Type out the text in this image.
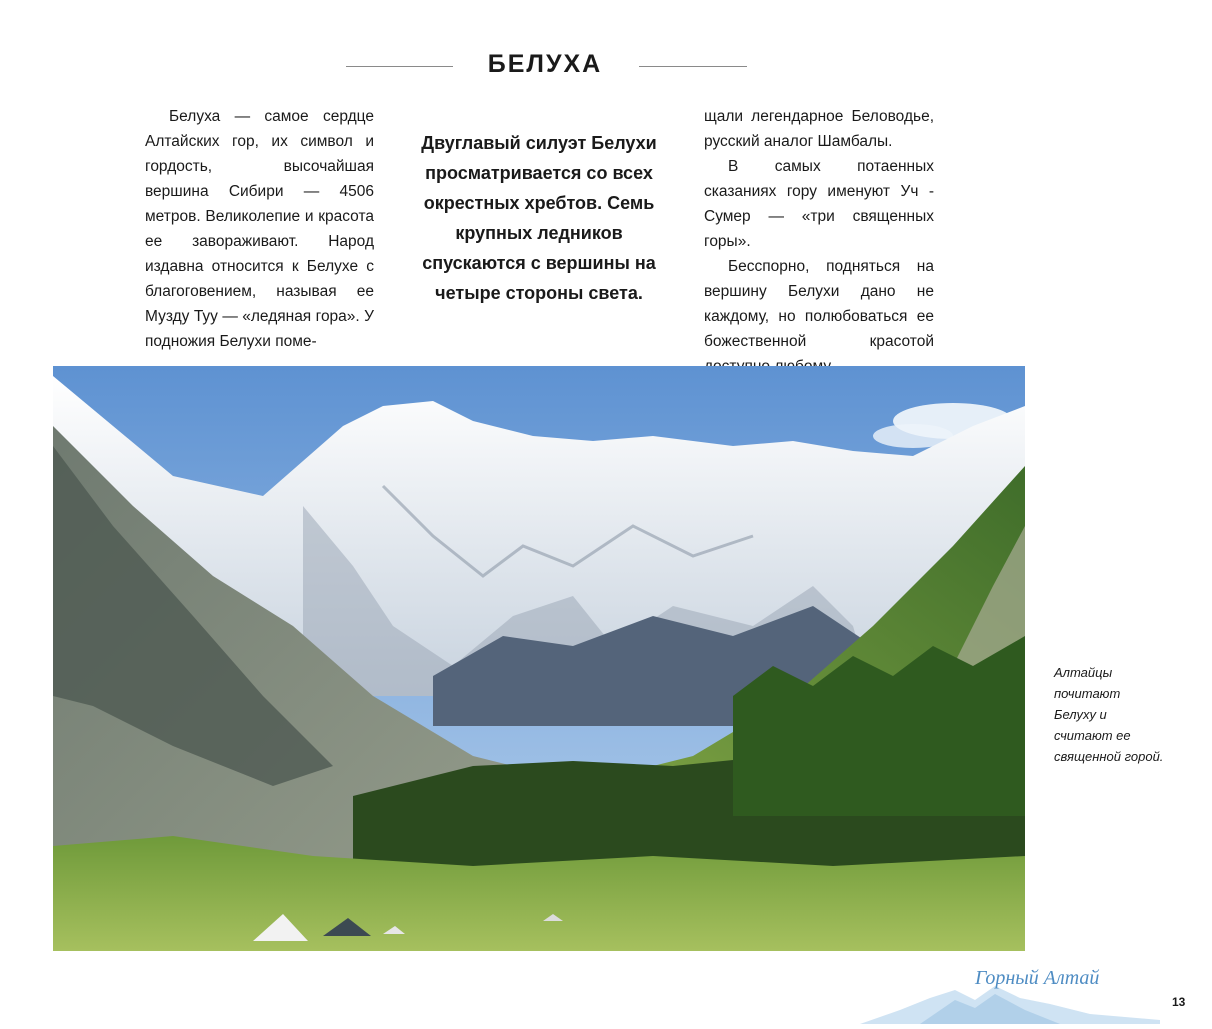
БЕЛУХА

Белуха — самое сердце Алтайских гор, их символ и гордость, высочайшая вершина Сибири — 4506 метров. Великолепие и красота ее завораживают. Народ издавна относится к Белухе с благоговением, называя ее Музду Туу — «ледяная гора». У подножия Белухи поме-

Двуглавый силуэт Белухи просматривается со всех окрестных хребтов. Семь крупных ледников спускаются с вершины на четыре стороны света.

щали легендарное Беловодье, русский аналог Шамбалы.

В самых потаенных сказаниях гору именуют Уч - Сумер — «три священных горы».

Бесспорно, подняться на вершину Белухи дано не каждому, но полюбоваться ее божественной красотой

Алтайцы почитают Белуху и считают ее священной горой.
Горный Алтай
13
